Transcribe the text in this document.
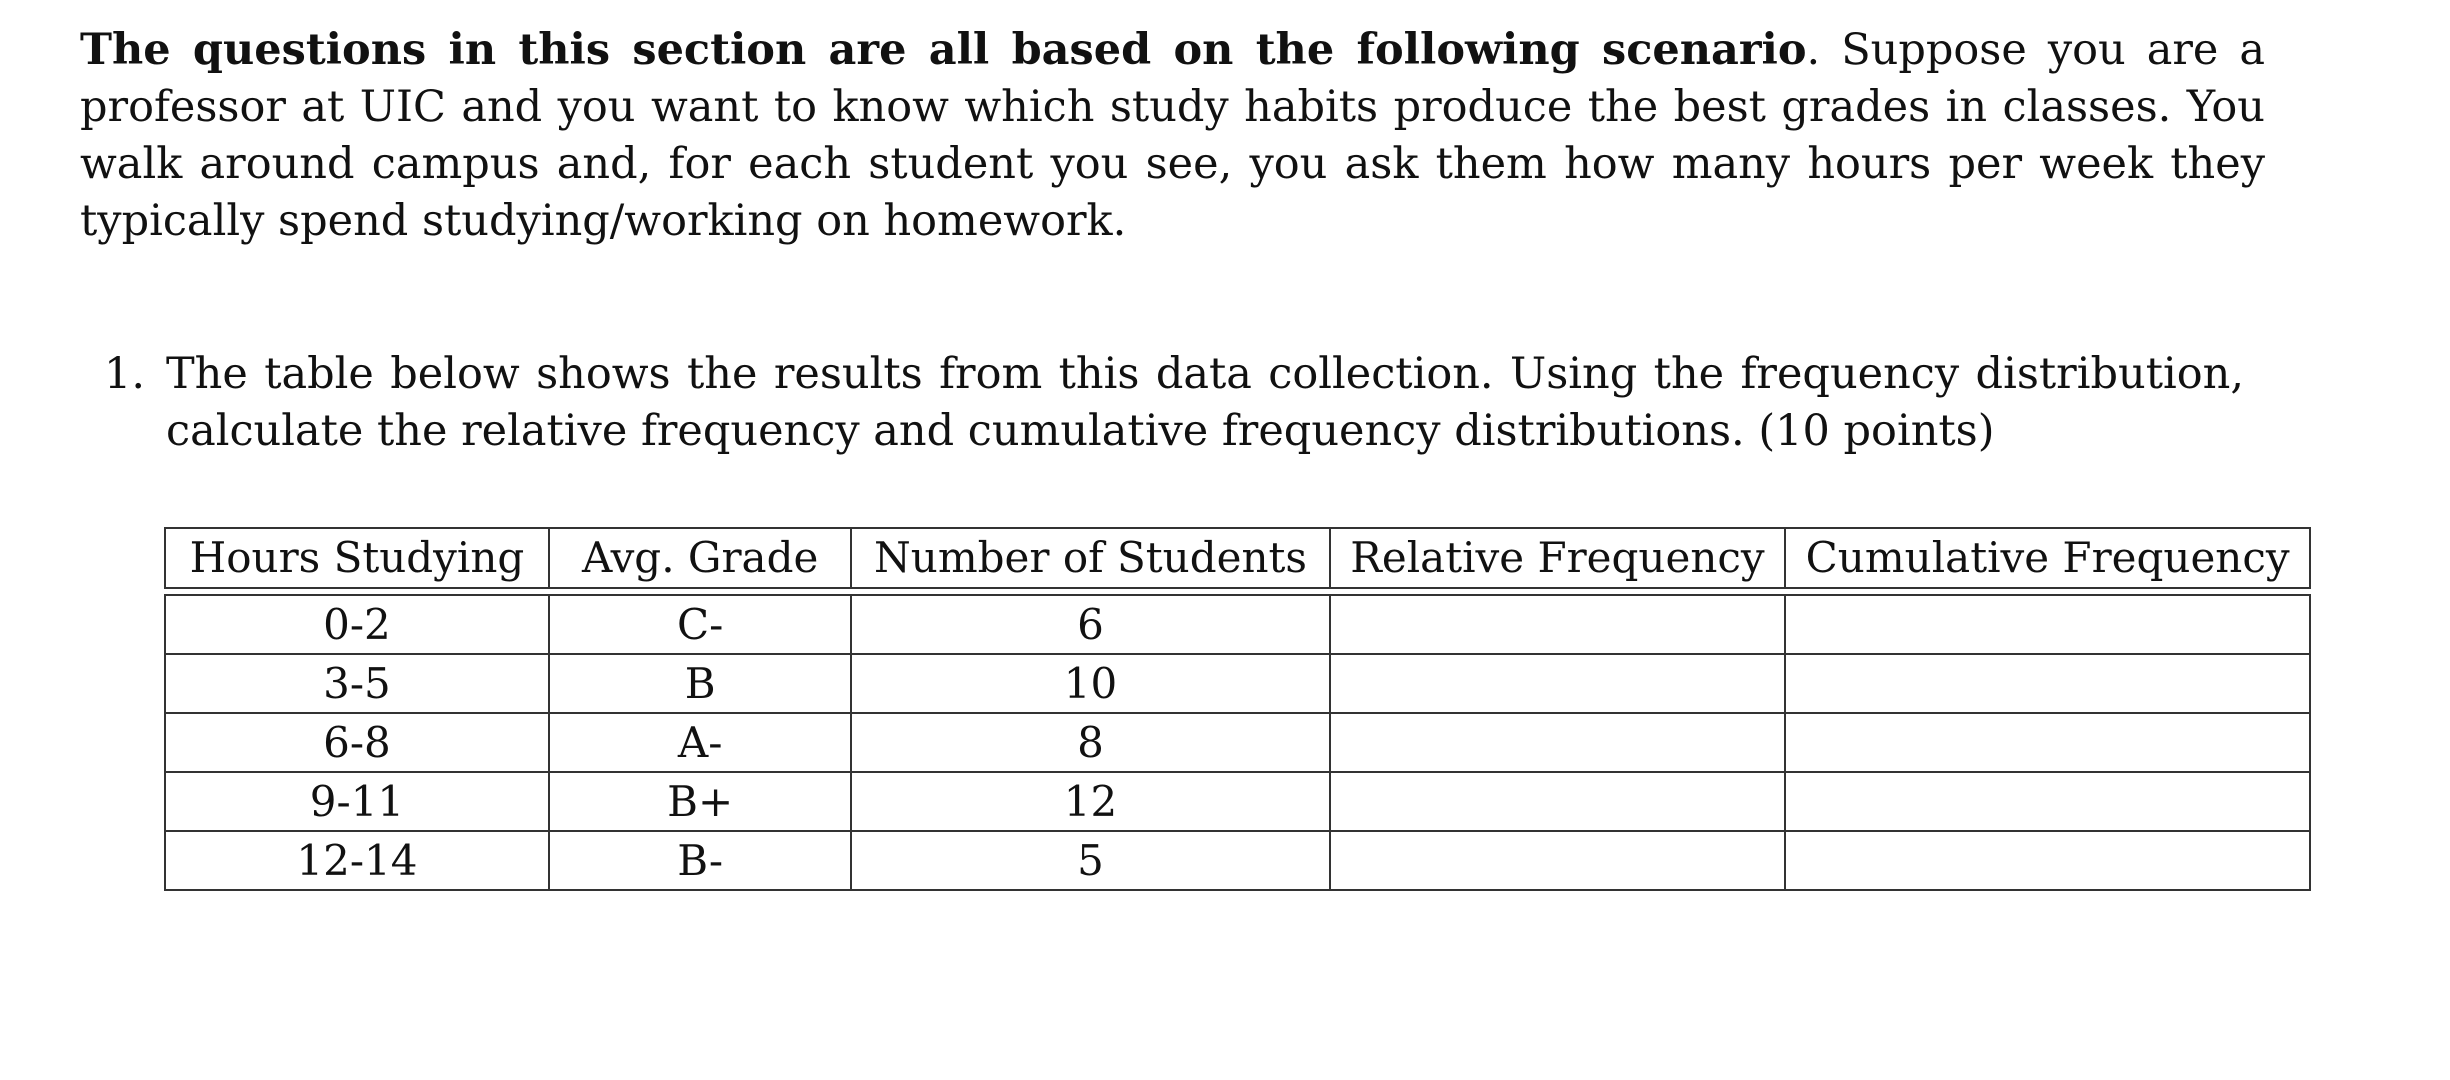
The questions in this section are all based on the following scenario. Suppose you are a professor at UIC and you want to know which study habits produce the best grades in classes. You walk around campus and, for each student you see, you ask them how many hours per week they typically spend studying/working on homework.

1. The table below shows the results from this data collection. Using the frequency distribution, calculate the relative frequency and cumulative frequency distributions. (10 points)
Hours Studying	Avg. Grade	Number of Students	Relative Frequency	Cumulative Frequency

0-2	C-	6		
3-5	B	10		
6-8	A-	8		
9-11	B+	12		
12-14	B-	5		
